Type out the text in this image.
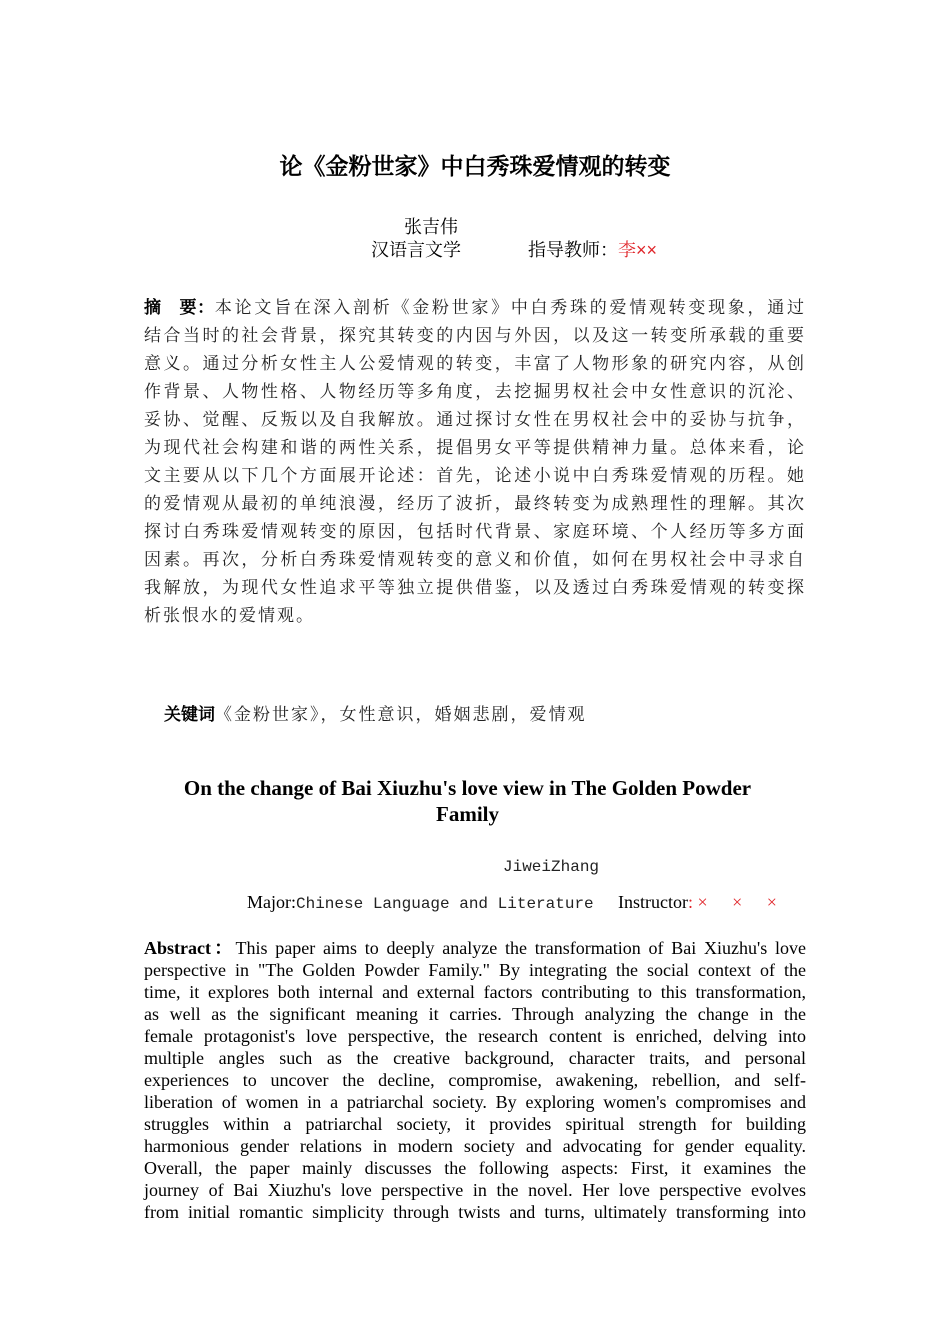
论《金粉世家》中白秀珠爱情观的转变
张吉伟
汉语言文学	指导教师：李××
摘　要：本论文旨在深入剖析《金粉世家》中白秀珠的爱情观转变现象，通过
结合当时的社会背景，探究其转变的内因与外因，以及这一转变所承载的重要
意义。通过分析女性主人公爱情观的转变，丰富了人物形象的研究内容，从创
作背景、人物性格、人物经历等多角度，去挖掘男权社会中女性意识的沉沦、
妥协、觉醒、反叛以及自我解放。通过探讨女性在男权社会中的妥协与抗争，
为现代社会构建和谐的两性关系，提倡男女平等提供精神力量。总体来看，论
文主要从以下几个方面展开论述：首先，论述小说中白秀珠爱情观的历程。她
的爱情观从最初的单纯浪漫，经历了波折，最终转变为成熟理性的理解。其次
探讨白秀珠爱情观转变的原因，包括时代背景、家庭环境、个人经历等多方面
因素。再次，分析白秀珠爱情观转变的意义和价值，如何在男权社会中寻求自
我解放，为现代女性追求平等独立提供借鉴，以及透过白秀珠爱情观的转变探
析张恨水的爱情观。
关键词《金粉世家》，女性意识，婚姻悲剧，爱情观
On the change of Bai Xiuzhu's love view in The Golden Powder Family
JiweiZhang
Major:Chinese Language and Literature Instructor: × × ×
Abstract：This paper aims to deeply analyze the transformation of Bai Xiuzhu's love
perspective in "The Golden Powder Family." By integrating the social context of the
time, it explores both internal and external factors contributing to this transformation,
as well as the significant meaning it carries. Through analyzing the change in the
female protagonist's love perspective, the research content is enriched, delving into
multiple angles such as the creative background, character traits, and personal
experiences to uncover the decline, compromise, awakening, rebellion, and self-
liberation of women in a patriarchal society. By exploring women's compromises and
struggles within a patriarchal society, it provides spiritual strength for building
harmonious gender relations in modern society and advocating for gender equality.
Overall, the paper mainly discusses the following aspects: First, it examines the
journey of Bai Xiuzhu's love perspective in the novel. Her love perspective evolves
from initial romantic simplicity through twists and turns, ultimately transforming into
